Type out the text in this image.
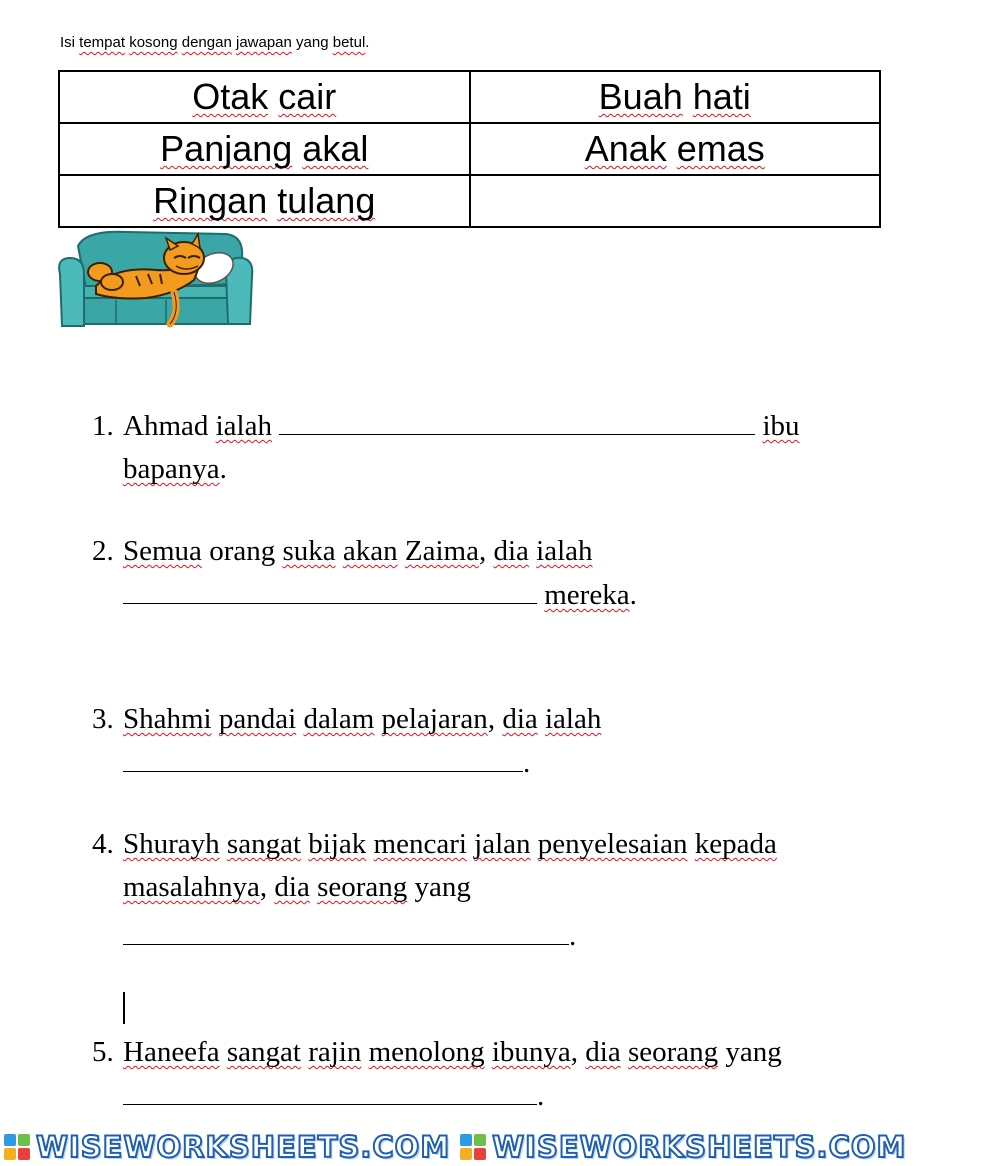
Isi tempat kosong dengan jawapan yang betul.
Otak cair	Buah hati
Panjang akal	Anak emas
Ringan tulang	
1. Ahmad ialah	ibu
bapanya.
2. Semua orang suka akan Zaima, dia ialah
mereka.
3. Shahmi pandai dalam pelajaran, dia ialah
.
4. Shurayh sangat bijak mencari jalan penyelesaian kepada
masalahnya, dia seorang yang
.
5. Haneefa sangat rajin menolong ibunya, dia seorang yang
.
WISEWORKSHEETS.COM WISEWORKSHEETS.COM
